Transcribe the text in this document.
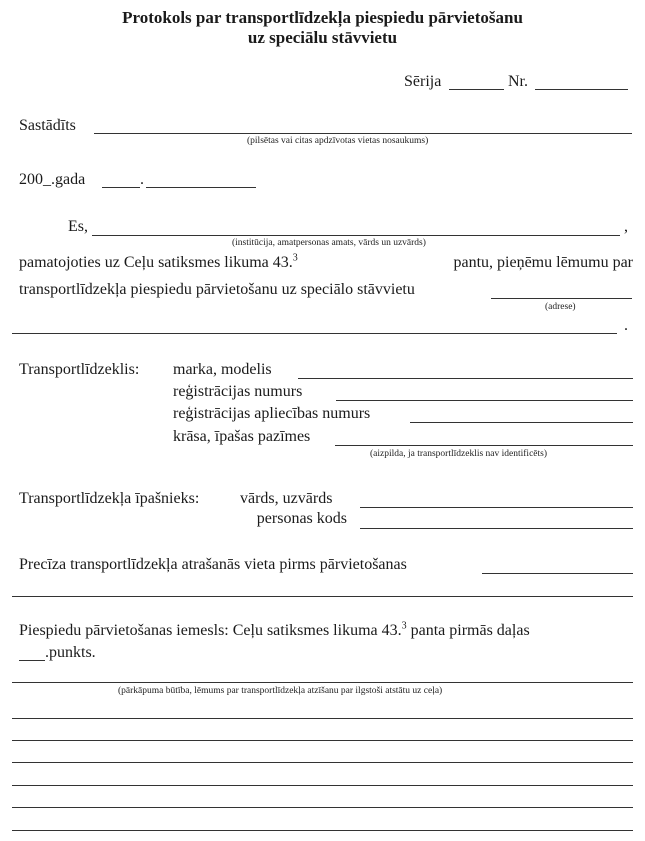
Protokols par transportlīdzekļa piespiedu pārvietošanu
uz speciālu stāvvietu
Sērija	Nr.
Sastādīts
(pilsētas vai citas apdzīvotas vietas nosaukums)
200_.gada	.
Es,	,
(institūcija, amatpersonas amats, vārds un uzvārds)
pamatojoties uz Ceļu satiksmes likuma 43.$^3$	pantu, pieņēmu lēmumu par
transportlīdzekļa piespiedu pārvietošanu uz speciālo stāvvietu
(adrese)
.
Transportlīdzeklis: marka, modelis
reģistrācijas numurs
reģistrācijas apliecības numurs
krāsa, īpašas pazīmes
(aizpilda, ja transportlīdzeklis nav identificēts)
Transportlīdzekļa īpašnieks:	vārds, uzvārds
personas kods
Precīza transportlīdzekļa atrašanās vieta pirms pārvietošanas
Piespiedu pārvietošanas iemesls: Ceļu satiksmes likuma 43.$^3$ panta pirmās daļas
.punkts.
(pārkāpuma būtība, lēmums par transportlīdzekļa atzīšanu par ilgstoši atstātu uz ceļa)
